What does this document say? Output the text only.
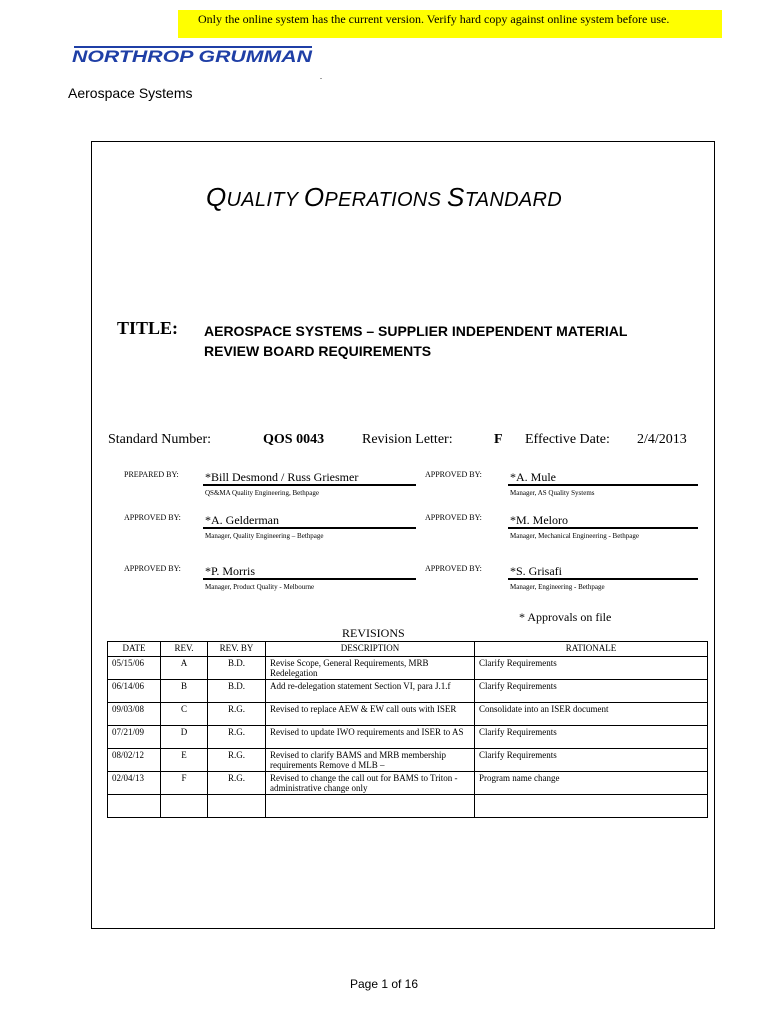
Only the online system has the current version. Verify hard copy against online system before use.
NORTHROP GRUMMAN
.
Aerospace Systems
QUALITY OPERATIONS STANDARD
TITLE: AEROSPACE SYSTEMS – SUPPLIER INDEPENDENT MATERIAL REVIEW BOARD REQUIREMENTS
Standard Number:	QOS 0043	Revision Letter:	F Effective Date: 2/4/2013
PREPARED BY: *Bill Desmond / Russ Griesmer
QS&MA Quality Engineering, Bethpage
APPROVED BY: *A. Mule
Manager, AS Quality Systems
APPROVED BY: *A. Gelderman
Manager, Quality Engineering – Bethpage
APPROVED BY: *M. Meloro
Manager, Mechanical Engineering - Bethpage
APPROVED BY: *P. Morris
Manager, Product Quality - Melbourne
APPROVED BY: *S. Grisafi
Manager, Engineering - Bethpage
* Approvals on file
REVISIONS
DATE	REV.	REV. BY	DESCRIPTION	RATIONALE
05/15/06	A	B.D.	Revise Scope, General Requirements, MRB Redelegation	Clarify Requirements
06/14/06	B	B.D.	Add re-delegation statement Section VI, para J.1.f	Clarify Requirements
09/03/08	C	R.G.	Revised to replace AEW & EW call outs with ISER	Consolidate into an ISER document
07/21/09	D	R.G.	Revised to update IWO requirements and ISER to AS	Clarify Requirements
08/02/12	E	R.G.	Revised to clarify BAMS and MRB membership requirements Remove d MLB –	Clarify Requirements
02/04/13	F	R.G.	Revised to change the call out for BAMS to Triton - administrative change only	Program name change

Page 1 of 16
